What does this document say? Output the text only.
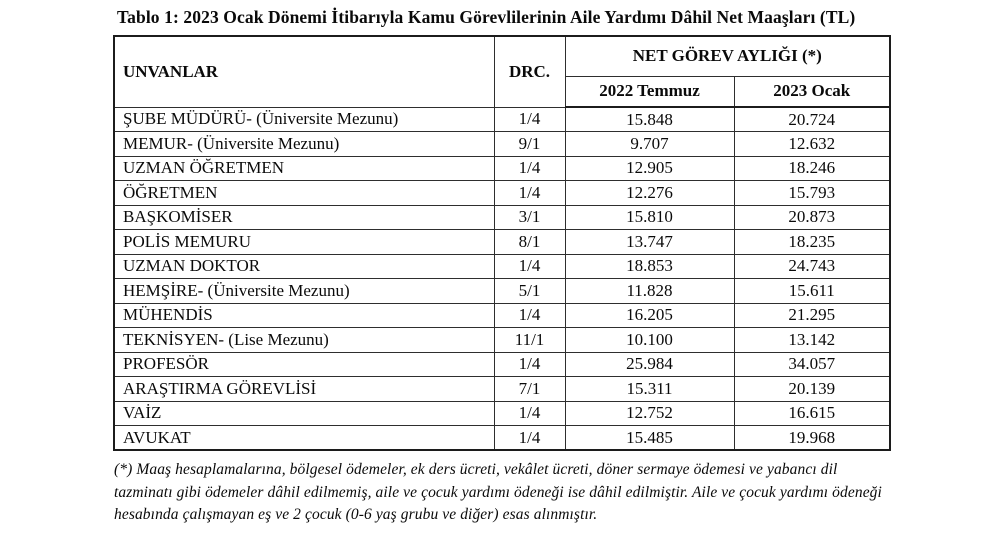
Tablo 1: 2023 Ocak Dönemi İtibarıyla Kamu Görevlilerinin Aile Yardımı Dâhil Net Maaşları (TL)
UNVANLAR	DRC.	NET GÖREV AYLIĞI (*)	
		2022 Temmuz	2023 Ocak
ŞUBE MÜDÜRÜ- (Üniversite Mezunu)	1/4	15.848	20.724
MEMUR- (Üniversite Mezunu)	9/1	9.707	12.632
UZMAN ÖĞRETMEN	1/4	12.905	18.246
ÖĞRETMEN	1/4	12.276	15.793
BAŞKOMİSER	3/1	15.810	20.873
POLİS MEMURU	8/1	13.747	18.235
UZMAN DOKTOR	1/4	18.853	24.743
HEMŞİRE- (Üniversite Mezunu)	5/1	11.828	15.611
MÜHENDİS	1/4	16.205	21.295
TEKNİSYEN- (Lise Mezunu)	11/1	10.100	13.142
PROFESÖR	1/4	25.984	34.057
ARAŞTIRMA GÖREVLİSİ	7/1	15.311	20.139
VAİZ	1/4	12.752	16.615
AVUKAT	1/4	15.485	19.968

(*) Maaş hesaplamalarına, bölgesel ödemeler, ek ders ücreti, vekâlet ücreti, döner sermaye ödemesi ve yabancı dil tazminatı gibi ödemeler dâhil edilmemiş, aile ve çocuk yardımı ödeneği ise dâhil edilmiştir. Aile ve çocuk yardımı ödeneği hesabında çalışmayan eş ve 2 çocuk (0-6 yaş grubu ve diğer) esas alınmıştır.
